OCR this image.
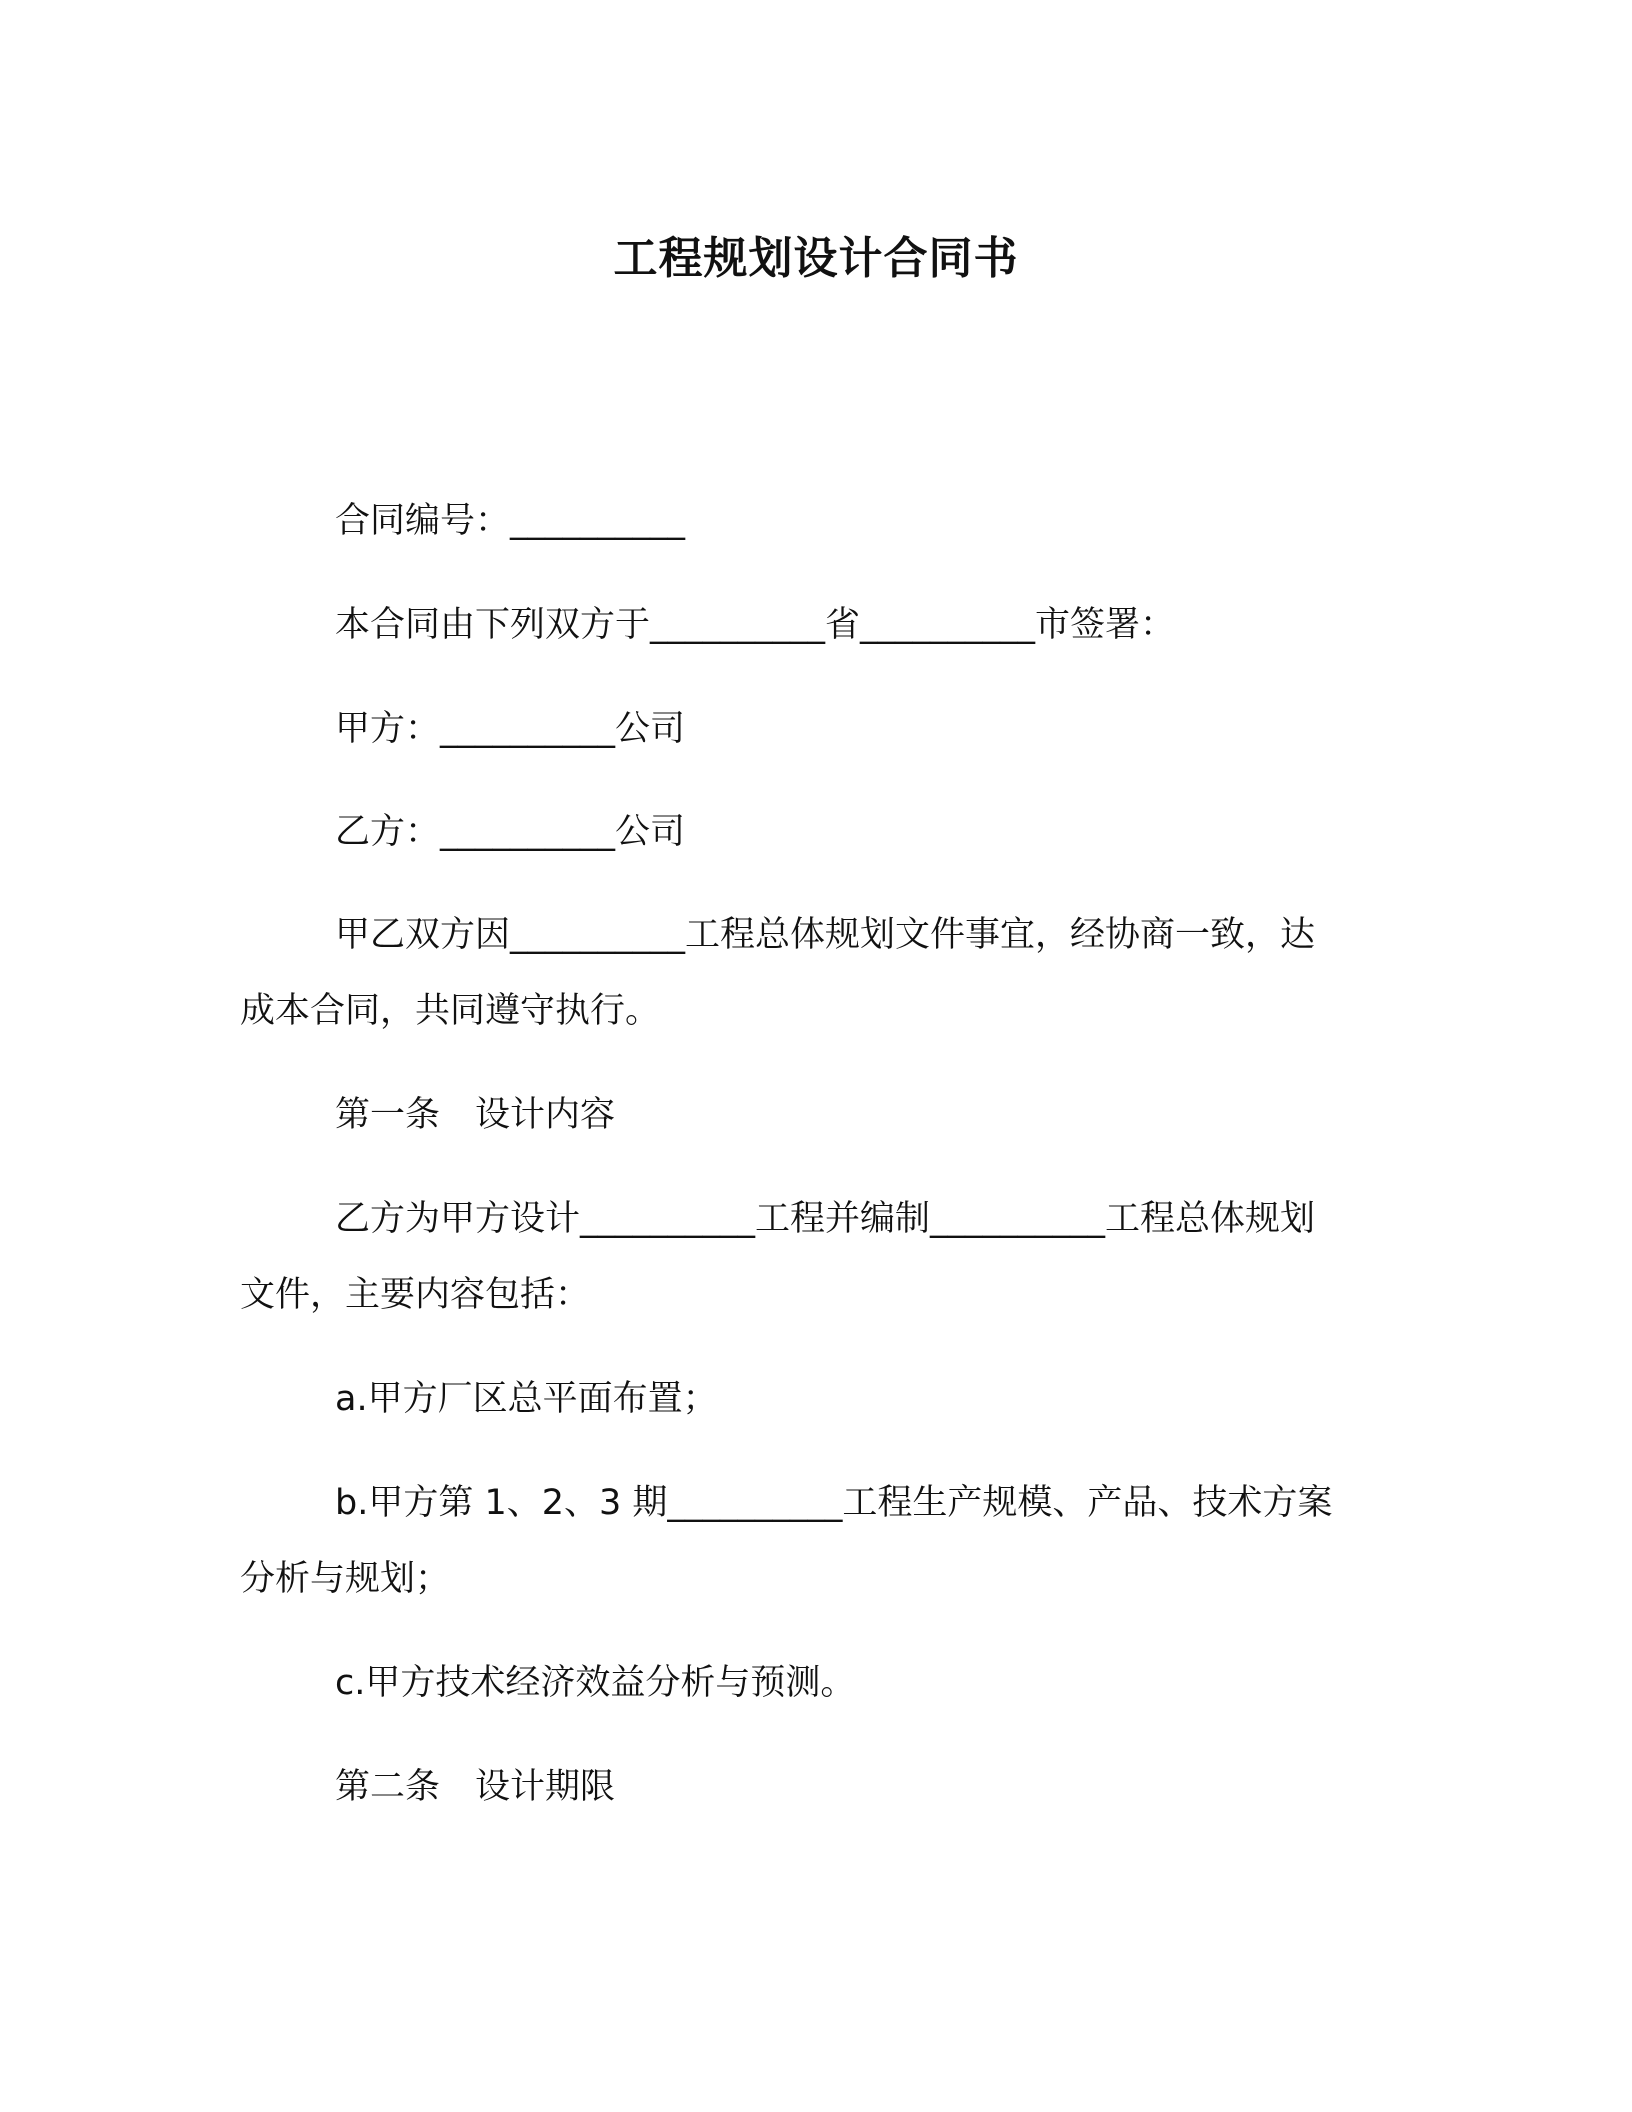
工程规划设计合同书

合同编号：__________

本合同由下列双方于__________省__________市签署：

甲方：__________公司

乙方：__________公司

甲乙双方因__________工程总体规划文件事宜，经协商一致，达

成本合同，共同遵守执行。

第一条　设计内容

乙方为甲方设计__________工程并编制__________工程总体规划

文件，主要内容包括：

a.甲方厂区总平面布置；

b.甲方第 1、2、3 期__________工程生产规模、产品、技术方案

分析与规划；

c.甲方技术经济效益分析与预测。

第二条　设计期限
